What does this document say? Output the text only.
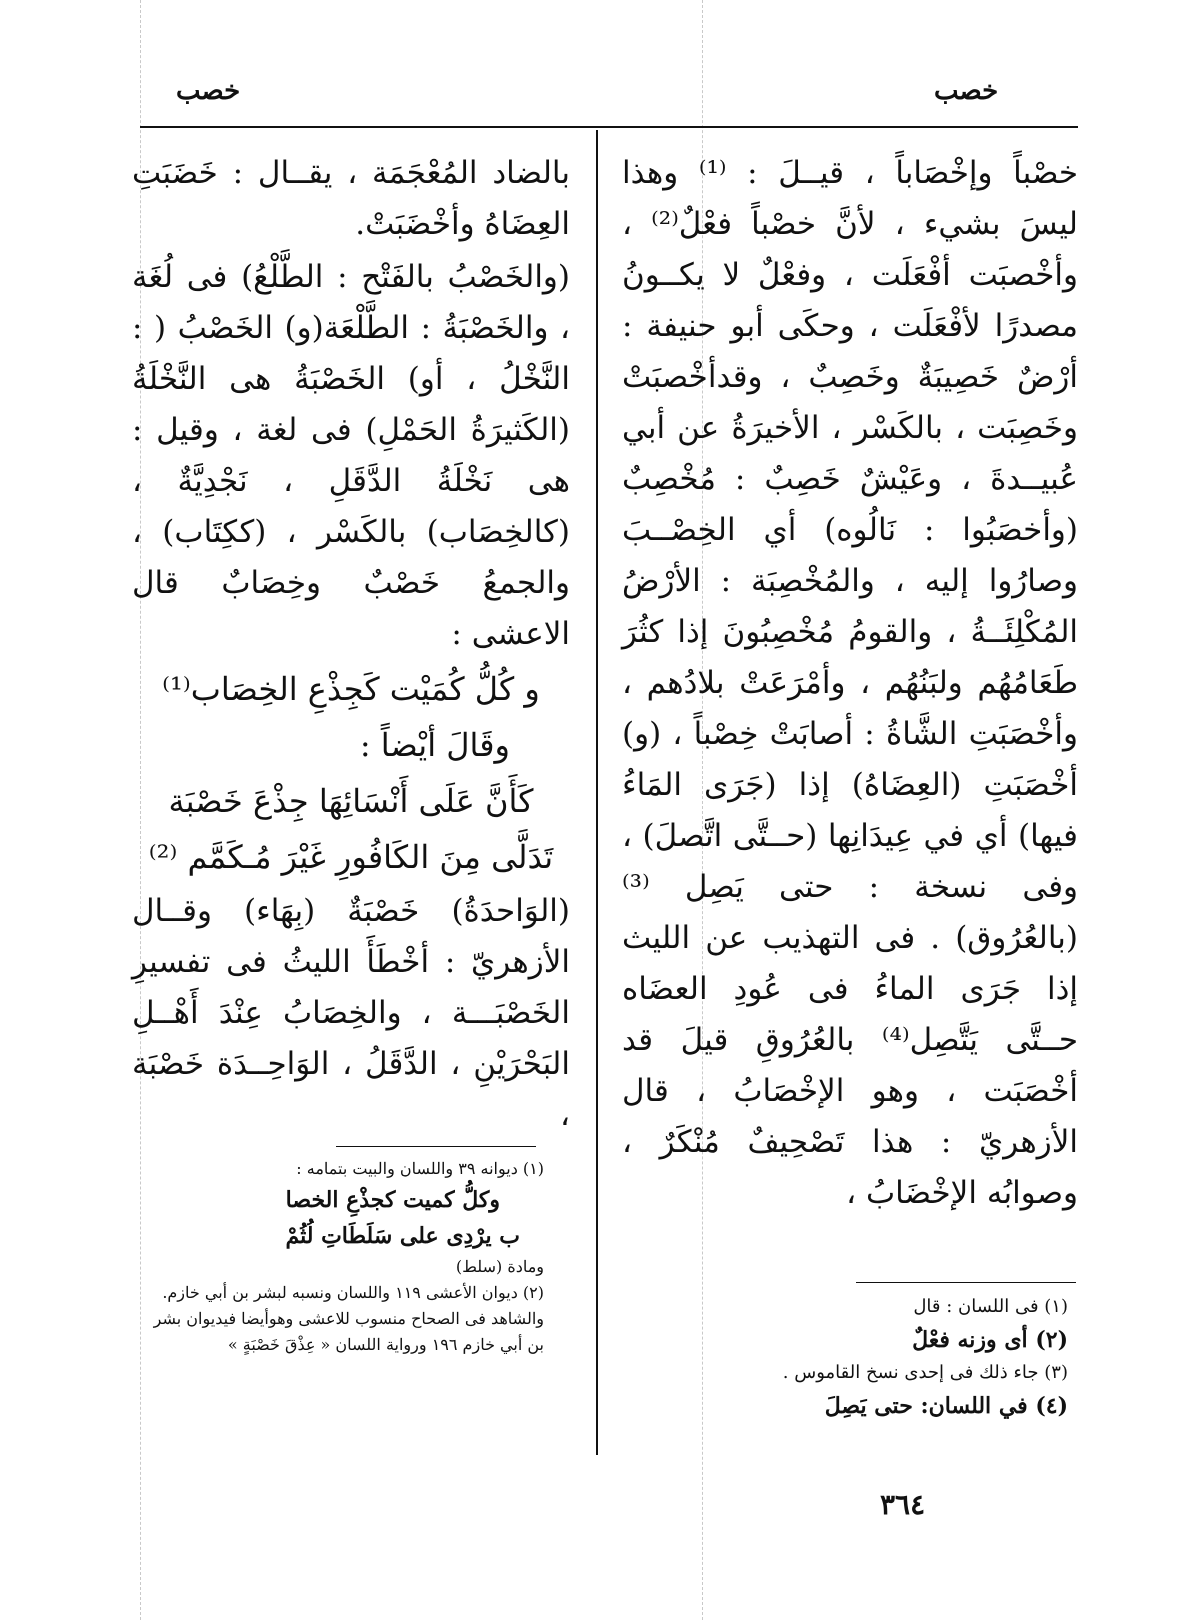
خصب	خصب

خصْباً وإخْصَاباً ، قيــلَ : ⁽¹⁾ وهذا ليسَ بشيء ، لأنَّ خصْباً فعْلٌ⁽²⁾ ، وأخْصبَت أفْعَلَت ، وفعْلٌ لا يكــونُ مصدرًا لأفْعَلَت ، وحكَى أبو حنيفة : أرْضٌ خَصِيبَةٌ وخَصِبٌ ، وقدأخْصبَتْ وخَصِبَت ، بالكَسْر ، الأخيرَةُ عن أبي عُبيــدةَ ، وعَيْشٌ خَصِبٌ : مُخْصِبٌ (وأخصَبُوا : نَالُوه) أي الخِصْــبَ وصارُوا إليه ، والمُخْصِبَة : الأرْضُ المُكْلِئَــةُ ، والقومُ مُخْصِبُونَ إذا كثُرَ طَعَامُهُم ولبَنُهُم ، وأمْرَعَتْ بلادُهم ، وأخْصَبَتِ الشَّاةُ : أصابَتْ خِصْباً ، (و) أخْصَبَتِ (العِضَاهُ) إذا (جَرَى المَاءُ فيها) أي في عِيدَانِها (حــتَّى اتَّصلَ) ، وفى نسخة : حتى يَصِل ⁽³⁾ (بالعُرُوق) . فى التهذيب عن الليث إذا جَرَى الماءُ فى عُودِ العضَاه حــتَّى يَتَّصِل⁽⁴⁾ بالعُرُوقِ قيلَ قد أخْصَبَت ، وهو الإخْصَابُ ، قال الأزهريّ : هذا تَصْحِيفٌ مُنْكَرٌ ، وصوابُه الإخْضَابُ ،

(١) فى اللسان : قال

(٢) أى وزنه فعْلٌ

(٣) جاء ذلك فى إحدى نسخ القاموس .

(٤) في اللسان: حتى يَصِلَ

بالضاد المُعْجَمَة ، يقــال : خَضَبَتِ العِضَاهُ وأخْضَبَتْ.

(والخَصْبُ بالفَتْح : الطَّلْعُ) فى لُغَة ، والخَصْبَةُ : الطَّلْعَة(و) الخَصْبُ ( : النَّخْلُ ، أو) الخَصْبَةُ هى النَّخْلَةُ (الكَثيرَةُ الحَمْلِ) فى لغة ، وقيل : هى نَخْلَةُ الدَّقَلِ ، نَجْدِيَّةٌ ، (كالخِصَاب) بالكَسْر ، (ككِتَاب) ، والجمعُ خَصْبٌ وخِصَابٌ قال الاعشى :

و كُلُّ كُمَيْت كَجِذْعِ الخِصَاب⁽¹⁾

وقَالَ أيْضاً :

كَأَنَّ عَلَى أَنْسَائِهَا جِذْعَ خَصْبَة

تَدَلَّى مِنَ الكَافُورِ غَيْرَ مُـكَمَّم ⁽²⁾

(الوَاحدَةُ) خَصْبَةٌ (بِهَاء) وقــال الأزهريّ : أخْطَأَ الليثُ فى تفسيرِ الخَصْبَـــة ، والخِصَابُ عِنْدَ أَهْــلِ البَحْرَيْنِ ، الدَّقَلُ ، الوَاحِــدَة خَصْبَة ،

(١) ديوانه ٣٩ واللسان والبيت بتمامه :

وكلُّ كميت كجذْعِ الخصا

ب يرْدِى على سَلَطَاتِ لُثُمْ

ومادة (سلط)

(٢) ديوان الأعشى ١١٩ واللسان ونسبه لبشر بن أبي خازم. والشاهد فى الصحاح منسوب للاعشى وهوأيضا فيديوان بشر بن أبي خازم ١٩٦ ورواية اللسان « عِذْقَ خَصْبَةٍ »

٣٦٤
